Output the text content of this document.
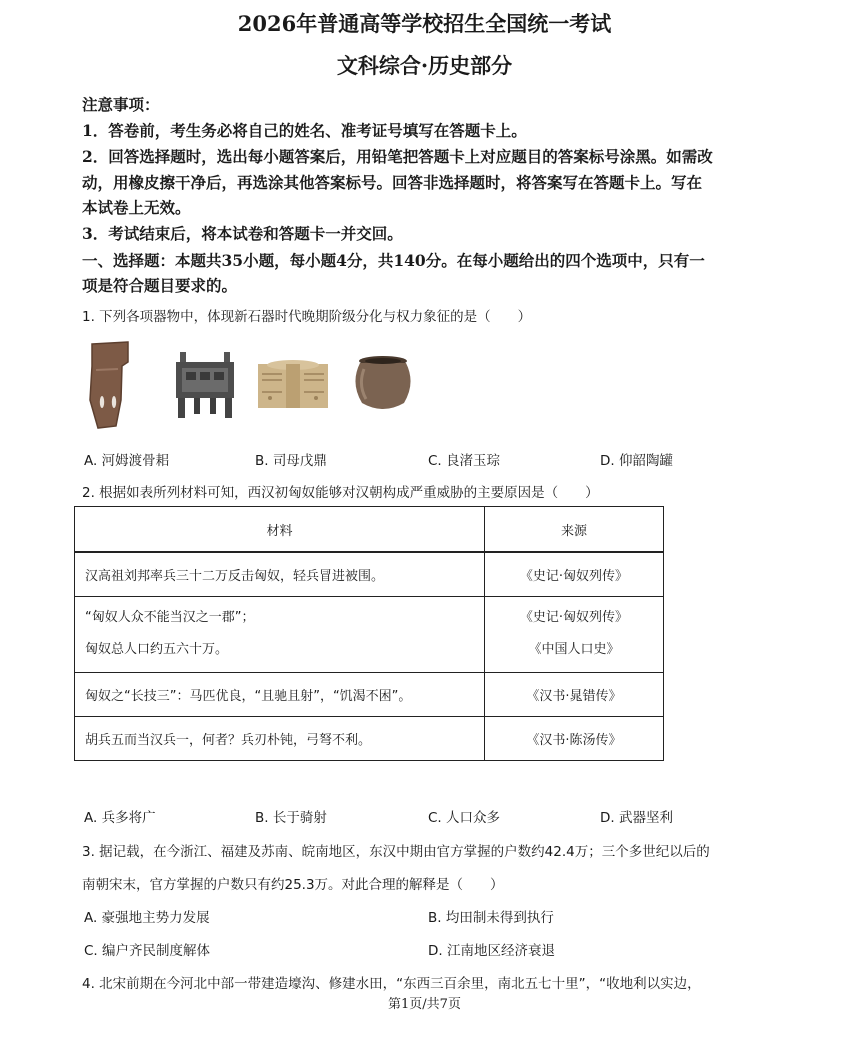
2026年普通高等学校招生全国统一考试
文科综合·历史部分
注意事项：
1．答卷前，考生务必将自己的姓名、准考证号填写在答题卡上。
2．回答选择题时，选出每小题答案后，用铅笔把答题卡上对应题目的答案标号涂黑。如需改
动，用橡皮擦干净后，再选涂其他答案标号。回答非选择题时，将答案写在答题卡上。写在
本试卷上无效。
3．考试结束后，将本试卷和答题卡一并交回。
一、选择题：本题共35小题，每小题4分，共140分。在每小题给出的四个选项中，只有一
项是符合题目要求的。
1. 下列各项器物中，体现新石器时代晚期阶级分化与权力象征的是（　　）
A. 河姆渡骨耜	B. 司母戊鼎	C. 良渚玉琮	D. 仰韶陶罐
2. 根据如表所列材料可知，西汉初匈奴能够对汉朝构成严重威胁的主要原因是（　　）
材料	来源
汉高祖刘邦率兵三十二万反击匈奴，轻兵冒进被围。	《史记·匈奴列传》

“匈奴人众不能当汉之一郡”；
匈奴总人口约五六十万。	《史记·匈奴列传》
《中国人口史》

匈奴之“长技三”：马匹优良，“且驰且射”，“饥渴不困”。	《汉书·晁错传》
胡兵五而当汉兵一，何者？兵刃朴钝，弓弩不利。	《汉书·陈汤传》
A. 兵多将广	B. 长于骑射	C. 人口众多	D. 武器坚利
3. 据记载，在今浙江、福建及苏南、皖南地区，东汉中期由官方掌握的户数约42.4万；三个多世纪以后的
南朝宋末，官方掌握的户数只有约25.3万。对此合理的解释是（　　）
A. 豪强地主势力发展	B. 均田制未得到执行
C. 编户齐民制度解体	D. 江南地区经济衰退
4. 北宋前期在今河北中部一带建造壕沟、修建水田，“东西三百余里，南北五七十里”，“收地利以实边，
第1页/共7页
